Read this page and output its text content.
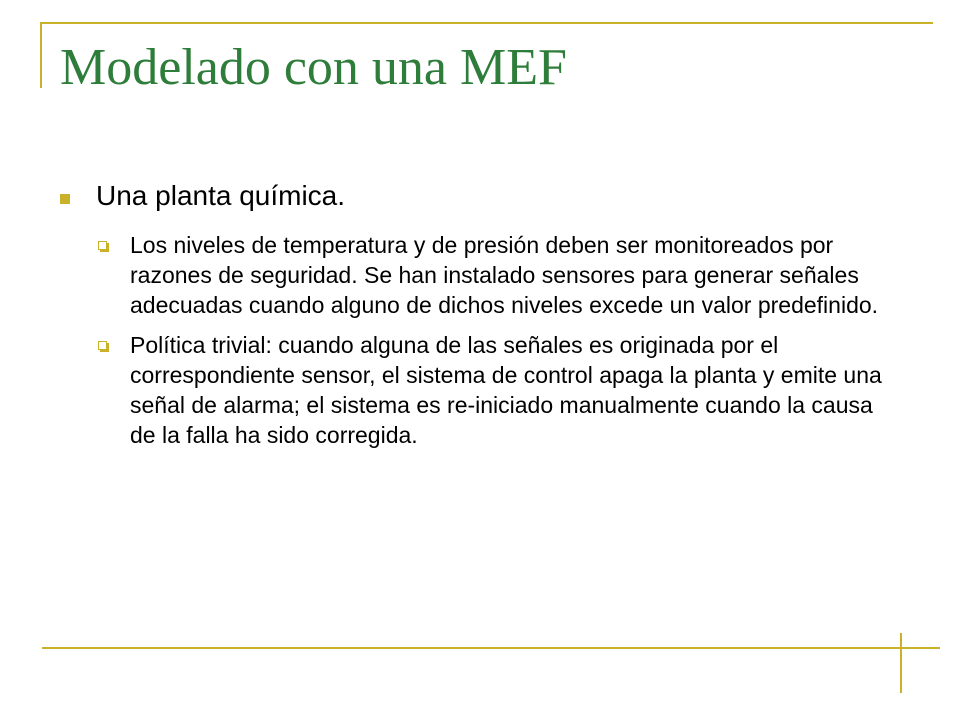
Modelado con una MEF
Una planta química.
Los niveles de temperatura y de presión deben ser monitoreados por razones de seguridad. Se han instalado sensores para generar señales adecuadas cuando alguno de dichos niveles excede un valor predefinido.
Política trivial: cuando alguna de las señales es originada por el correspondiente sensor, el sistema de control apaga la planta y emite una señal de alarma; el sistema es re-iniciado manualmente cuando la causa de la falla ha sido corregida.
